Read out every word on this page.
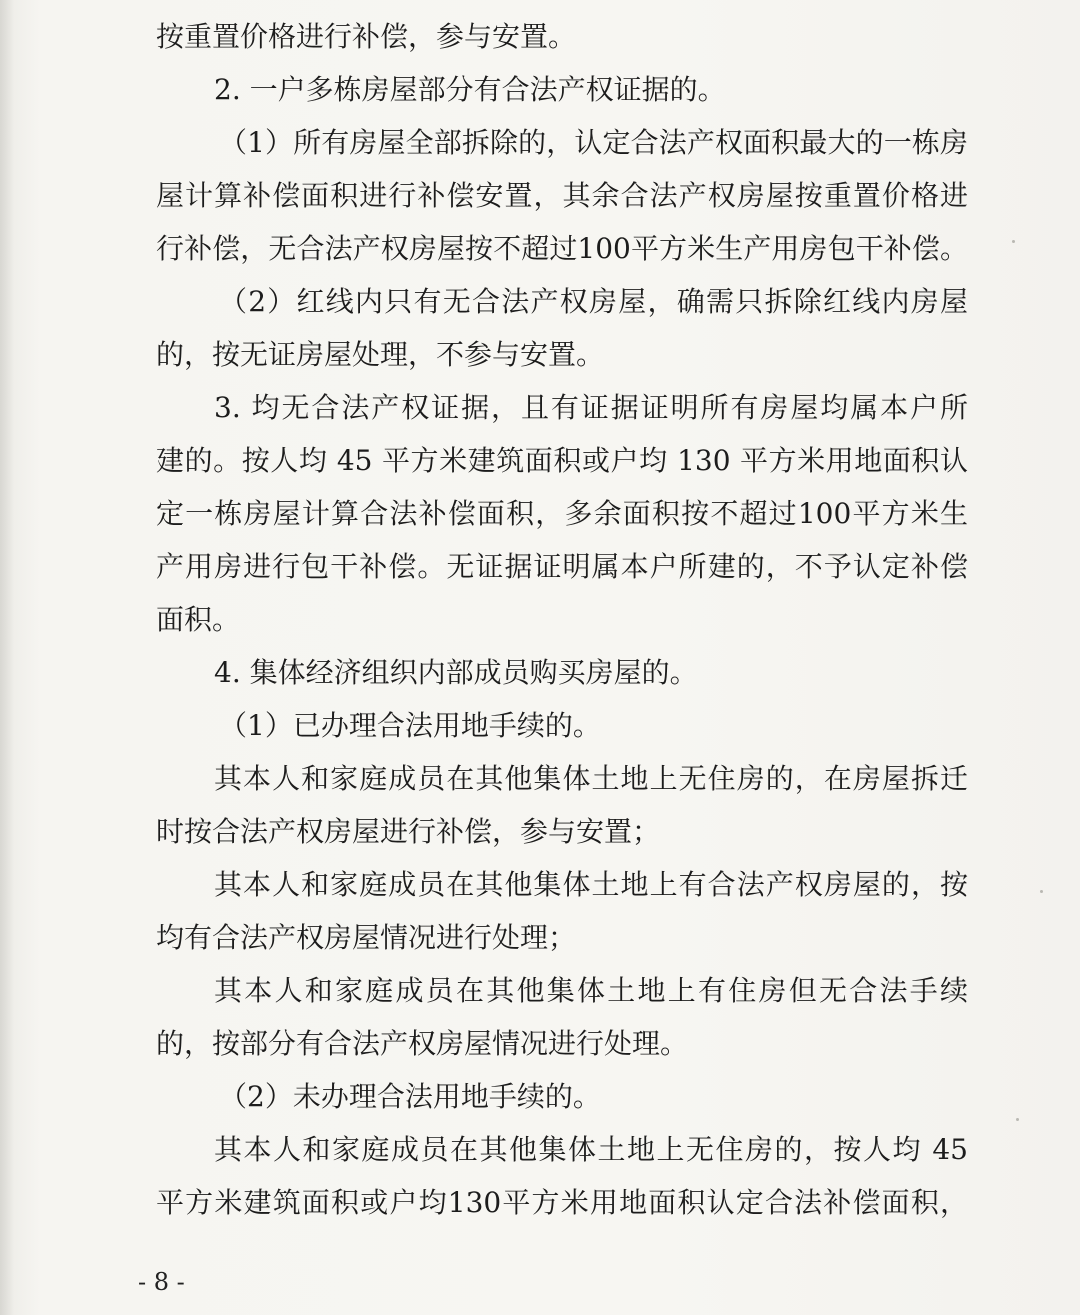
按重置价格进行补偿，参与安置。
2. 一户多栋房屋部分有合法产权证据的。
（1）所有房屋全部拆除的，认定合法产权面积最大的一栋房
屋计算补偿面积进行补偿安置，其余合法产权房屋按重置价格进
行补偿，无合法产权房屋按不超过100平方米生产用房包干补偿。
（2）红线内只有无合法产权房屋，确需只拆除红线内房屋
的，按无证房屋处理，不参与安置。
3. 均无合法产权证据，且有证据证明所有房屋均属本户所
建的。按人均 45 平方米建筑面积或户均 130 平方米用地面积认
定一栋房屋计算合法补偿面积，多余面积按不超过100平方米生
产用房进行包干补偿。无证据证明属本户所建的，不予认定补偿
面积。
4. 集体经济组织内部成员购买房屋的。
（1）已办理合法用地手续的。
其本人和家庭成员在其他集体土地上无住房的，在房屋拆迁
时按合法产权房屋进行补偿，参与安置；
其本人和家庭成员在其他集体土地上有合法产权房屋的，按
均有合法产权房屋情况进行处理；
其本人和家庭成员在其他集体土地上有住房但无合法手续
的，按部分有合法产权房屋情况进行处理。
（2）未办理合法用地手续的。
其本人和家庭成员在其他集体土地上无住房的，按人均 45
平方米建筑面积或户均130平方米用地面积认定合法补偿面积，
- 8 -
